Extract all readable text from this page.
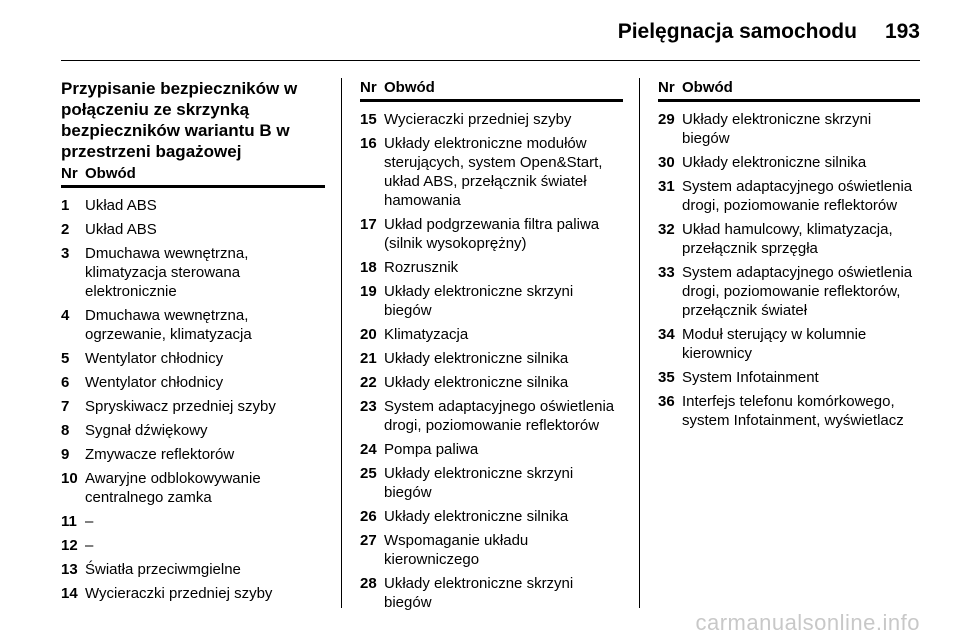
Pielęgnacja samochodu 193
Przypisanie bezpieczników w połączeniu ze skrzynką bezpieczników wariantu B w przestrzeni bagażowej
Nr Obwód
1	Układ ABS
2	Układ ABS
3	Dmuchawa wewnętrzna, klimatyzacja sterowana elektronicznie
4	Dmuchawa wewnętrzna, ogrzewanie, klimatyzacja
5	Wentylator chłodnicy
6	Wentylator chłodnicy
7	Spryskiwacz przedniej szyby
8	Sygnał dźwiękowy
9	Zmywacze reflektorów
10 Awaryjne odblokowywanie centralnego zamka
11 –
12 –
13 Światła przeciwmgielne
14 Wycieraczki przedniej szyby
Nr Obwód
15 Wycieraczki przedniej szyby
16 Układy elektroniczne modułów sterujących, system Open&Start, układ ABS, przełącznik świateł hamowania
17 Układ podgrzewania filtra paliwa (silnik wysokoprężny)
18 Rozrusznik
19 Układy elektroniczne skrzyni biegów
20 Klimatyzacja
21 Układy elektroniczne silnika
22 Układy elektroniczne silnika
23 System adaptacyjnego oświetlenia drogi, poziomowanie reflektorów
24 Pompa paliwa
25 Układy elektroniczne skrzyni biegów
26 Układy elektroniczne silnika
27 Wspomaganie układu kierowniczego
28 Układy elektroniczne skrzyni biegów
Nr Obwód
29 Układy elektroniczne skrzyni biegów
30 Układy elektroniczne silnika
31 System adaptacyjnego oświetlenia drogi, poziomowanie reflektorów
32 Układ hamulcowy, klimatyzacja, przełącznik sprzęgła
33 System adaptacyjnego oświetlenia drogi, poziomowanie reflektorów, przełącznik świateł
34 Moduł sterujący w kolumnie kierownicy
35 System Infotainment
36 Interfejs telefonu komórkowego, system Infotainment, wyświetlacz
carmanualsonline.info
